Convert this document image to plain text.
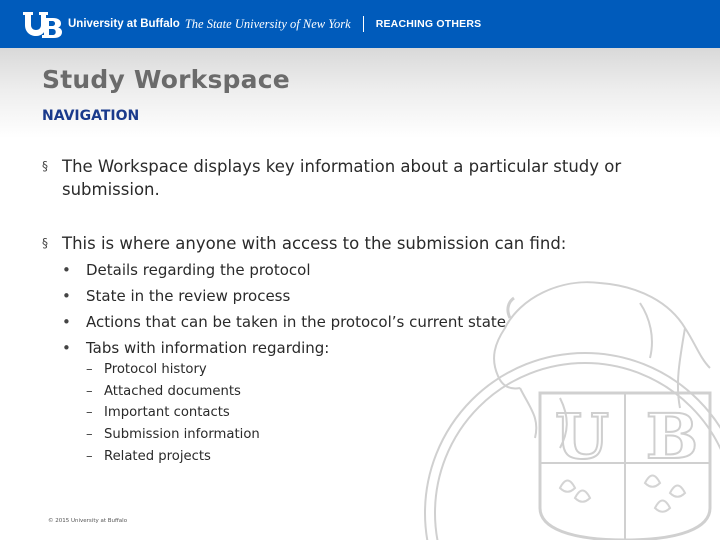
University at Buffalo The State University of New York REACHING OTHERS
Study Workspace
NAVIGATION
U B
§ The Workspace displays key information about a particular study or submission.
§ This is where anyone with access to the submission can find:
•	Details regarding the protocol
•	State in the review process
•	Actions that can be taken in the protocol’s current state
•	Tabs with information regarding:
– Protocol history
– Attached documents
– Important contacts
– Submission information
– Related projects
© 2015 University at Buffalo
